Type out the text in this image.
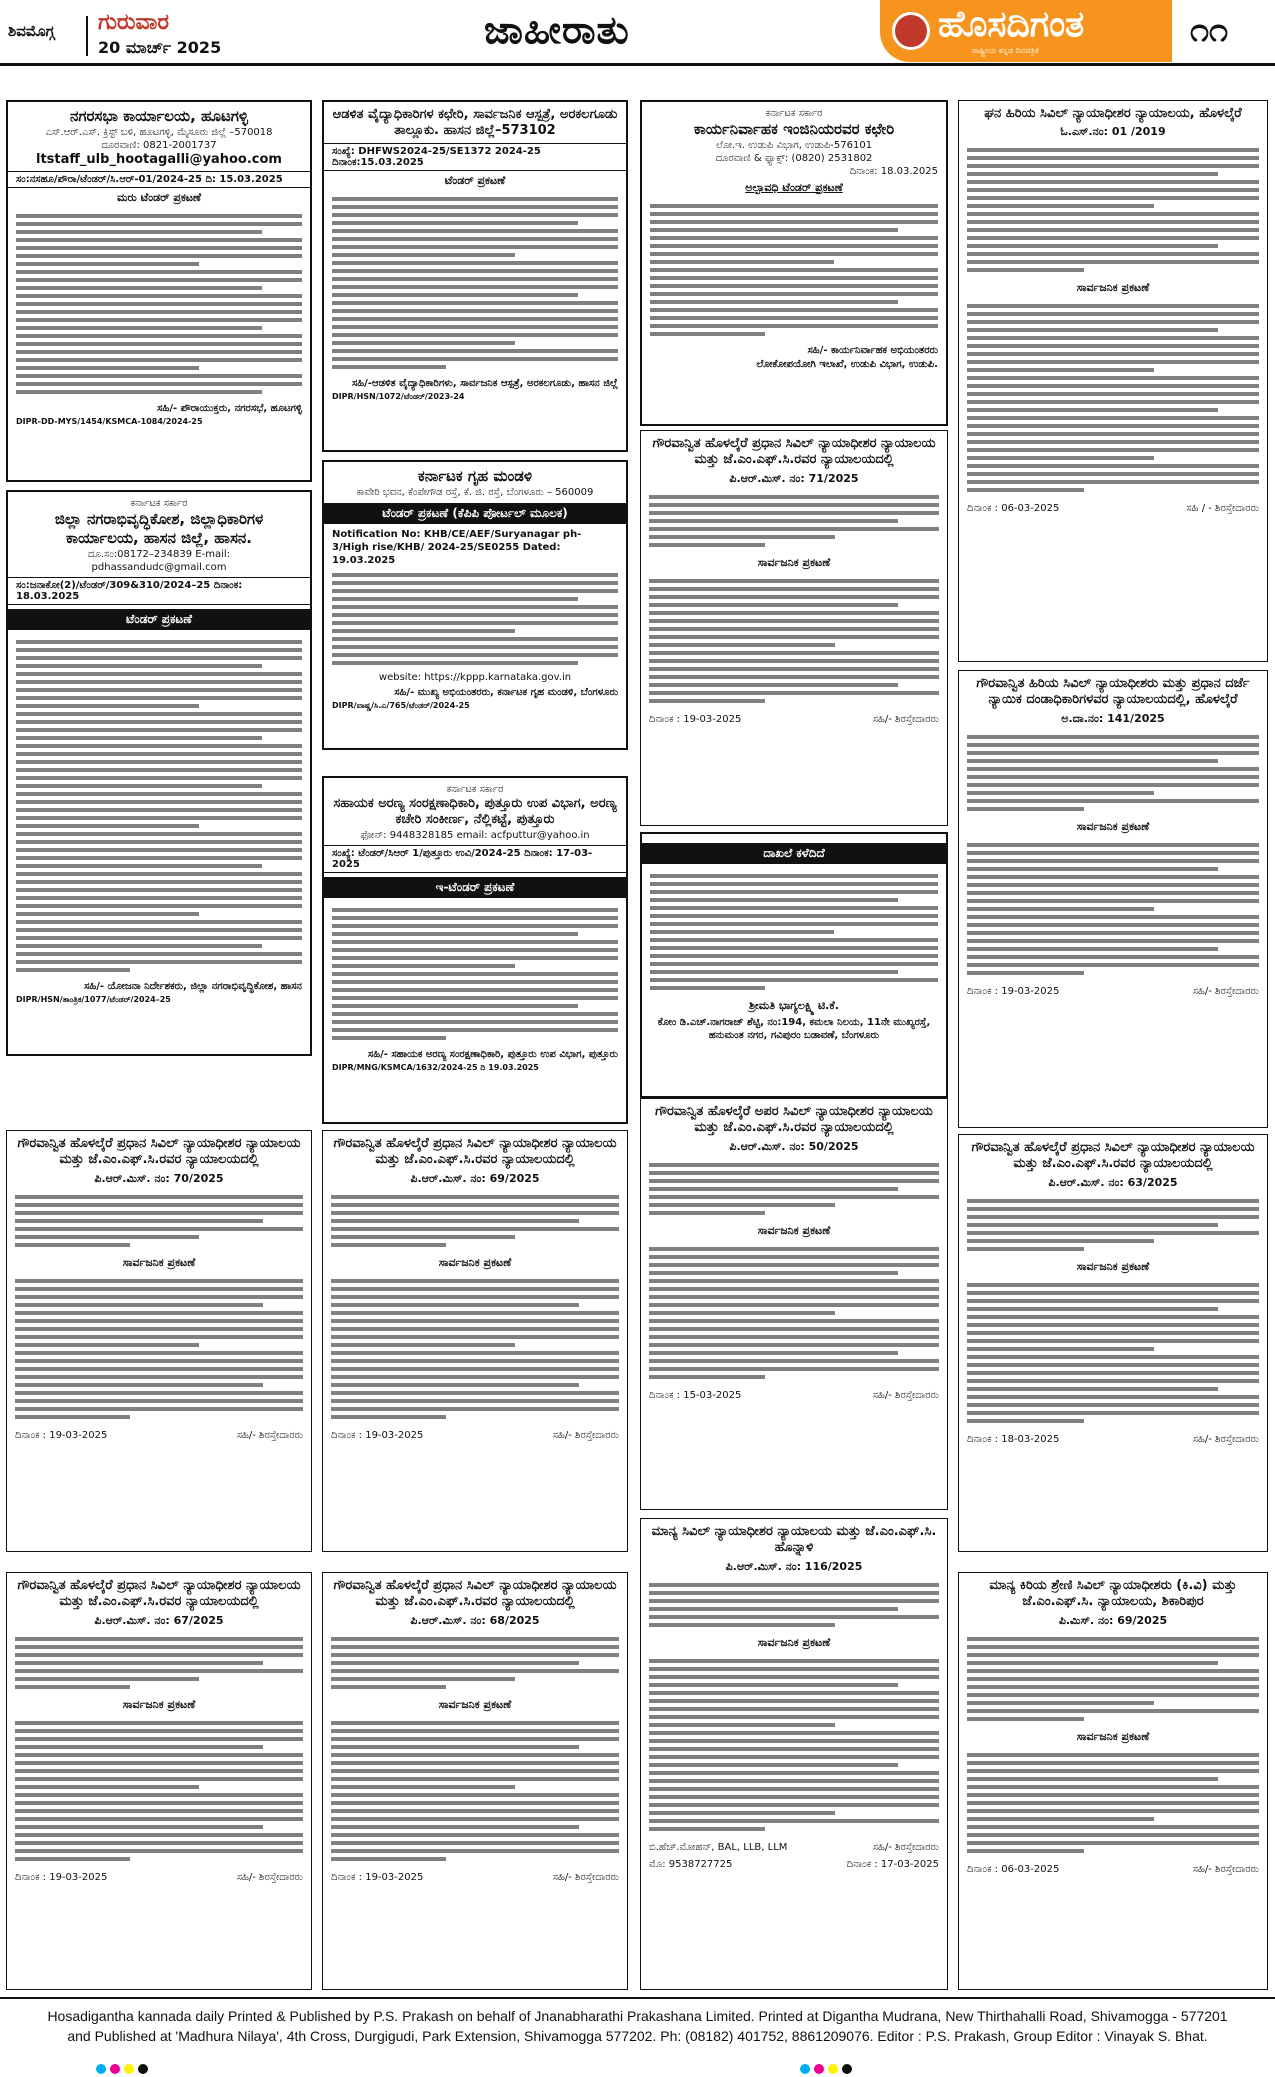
ಶಿವಮೊಗ್ಗ ಗುರುವಾರ
20 ಮಾರ್ಚ್ 2025	ಜಾಹೀರಾತು	ಹೊಸದಿಗಂತ
ರಾಷ್ಟ್ರೀಯ ಕನ್ನಡ ದಿನಪತ್ರಿಕೆ
೧೧
ನಗರಸಭಾ ಕಾರ್ಯಾಲಯ, ಹೂಟಗಳ್ಳಿ
ಎಸ್.ಆರ್.ಎಸ್. ಕ್ರಿಸ್ಟ್ ಬಳಿ, ಹೂಟಗಳ್ಳಿ, ಮೈಸೂರು ಜಿಲ್ಲೆ –570018
ದೂರವಾಣಿ: 0821-2001737
ltstaff_ulb_hootagalli@yahoo.com
ಸಂ:ನಸಹೂ/ಪೌರಾ/ಟೆಂಡರ್/ಸಿ.ಆರ್-01/2024-25 ದಿ: 15.03.2025
ಮರು ಟೆಂಡರ್ ಪ್ರಕಟಣೆ
ಸಹಿ/- ಪೌರಾಯುಕ್ತರು, ನಗರಸಭೆ, ಹೂಟಗಳ್ಳಿ
DIPR-DD-MYS/1454/KSMCA-1084/2024-25
ಕರ್ನಾಟಕ ಸರ್ಕಾರ
ಜಿಲ್ಲಾ ನಗರಾಭಿವೃದ್ಧಿಕೋಶ, ಜಿಲ್ಲಾಧಿಕಾರಿಗಳ ಕಾರ್ಯಾಲಯ, ಹಾಸನ ಜಿಲ್ಲೆ, ಹಾಸನ.
ದೂ.ಸಂ:08172–234839 E-mail:
pdhassandudc@gmail.com
ಸಂ:ಜನಾಕೋ(2)/ಟೆಂಡರ್/309&310/2024–25 ದಿನಾಂಕ: 18.03.2025
ಟೆಂಡರ್ ಪ್ರಕಟಣೆ
ಸಹಿ/- ಯೋಜನಾ ನಿರ್ದೇಶಕರು, ಜಿಲ್ಲಾ ನಗರಾಭಿವೃದ್ಧಿಕೋಶ, ಹಾಸನ
DIPR/HSN/ತಾಂತ್ರಿಕ/1077/ಟೆಂಡರ್/2024–25
ಗೌರವಾನ್ವಿತ ಹೊಳಲ್ಕೆರೆ ಪ್ರಧಾನ ಸಿವಿಲ್ ನ್ಯಾಯಾಧೀಶರ ನ್ಯಾಯಾಲಯ ಮತ್ತು ಜೆ.ಎಂ.ಎಫ್.ಸಿ.ರವರ ನ್ಯಾಯಾಲಯದಲ್ಲಿ
ಪಿ.ಆರ್.ಮಿಸ್. ನಂ: 70/2025
ಸಾರ್ವಜನಿಕ ಪ್ರಕಟಣೆ
ದಿನಾಂಕ : 19-03-2025	ಸಹಿ/- ಶಿರಸ್ತೇದಾರರು
ಗೌರವಾನ್ವಿತ ಹೊಳಲ್ಕೆರೆ ಪ್ರಧಾನ ಸಿವಿಲ್ ನ್ಯಾಯಾಧೀಶರ ನ್ಯಾಯಾಲಯ ಮತ್ತು ಜೆ.ಎಂ.ಎಫ್.ಸಿ.ರವರ ನ್ಯಾಯಾಲಯದಲ್ಲಿ
ಪಿ.ಆರ್.ಮಿಸ್. ನಂ: 67/2025
ಸಾರ್ವಜನಿಕ ಪ್ರಕಟಣೆ
ದಿನಾಂಕ : 19-03-2025	ಸಹಿ/- ಶಿರಸ್ತೇದಾರರು
ಆಡಳಿತ ವೈದ್ಯಾಧಿಕಾರಿಗಳ ಕಛೇರಿ, ಸಾರ್ವಜನಿಕ ಆಸ್ಪತ್ರೆ, ಅರಕಲಗೂಡು ತಾಲ್ಲೂಕು. ಹಾಸನ ಜಿಲ್ಲೆ–573102
ಸಂಖ್ಯೆ: DHFWS2024-25/SE1372 2024-25 ದಿನಾಂಕ:15.03.2025
ಟೆಂಡರ್ ಪ್ರಕಟಣೆ
ಸಹಿ/-ಆಡಳಿತ ವೈದ್ಯಾಧಿಕಾರಿಗಳು, ಸಾರ್ವಜನಿಕ ಆಸ್ಪತ್ರೆ, ಅರಕಲಗೂಡು, ಹಾಸನ ಜಿಲ್ಲೆ
DIPR/HSN/1072/ಟೆಂಡರ್/2023-24
ಕರ್ನಾಟಕ ಗೃಹ ಮಂಡಳಿ
ಕಾವೇರಿ ಭವನ, ಕೆಂಪೇಗೌಡ ರಸ್ತೆ, ಕೆ. ಜಿ. ರಸ್ತೆ, ಬೆಂಗಳೂರು – 560009
ಟೆಂಡರ್ ಪ್ರಕಟಣೆ (ಕೆಪಿಪಿ ಪೋರ್ಟಲ್ ಮೂಲಕ)
Notification No: KHB/CE/AEF/Suryanagar ph-3/High rise/KHB/ 2024-25/SE0255 Dated: 19.03.2025
website: https://kppp.karnataka.gov.in
ಸಹಿ/- ಮುಖ್ಯ ಅಭಿಯಂತರರು, ಕರ್ನಾಟಕ ಗೃಹ ಮಂಡಳಿ, ಬೆಂಗಳೂರು
DIPR/ವಾಷ್ಣ/ಸಿ.ಎ/765/ಟೆಂಡರ್/2024-25
ಕರ್ನಾಟಕ ಸರ್ಕಾರ
ಸಹಾಯಕ ಅರಣ್ಯ ಸಂರಕ್ಷಣಾಧಿಕಾರಿ, ಪುತ್ತೂರು ಉಪ ವಿಭಾಗ, ಅರಣ್ಯ ಕಚೇರಿ ಸಂಕೀರ್ಣ, ನೆಲ್ಲಿಕಟ್ಟೆ, ಪುತ್ತೂರು
ಫೋನ್: 9448328185 email: acfputtur@yahoo.in
ಸಂಖ್ಯೆ: ಟೆಂಡರ್/ಸಿಆರ್ 1/ಪುತ್ತೂರು ಉವಿ/2024-25 ದಿನಾಂಕ: 17-03-2025
ಇ-ಟೆಂಡರ್ ಪ್ರಕಟಣೆ
ಸಹಿ/- ಸಹಾಯಕ ಅರಣ್ಯ ಸಂರಕ್ಷಣಾಧಿಕಾರಿ, ಪುತ್ತೂರು ಉಪ ವಿಭಾಗ, ಪುತ್ತೂರು
DIPR/MNG/KSMCA/1632/2024-25 ದಿ 19.03.2025
ಗೌರವಾನ್ವಿತ ಹೊಳಲ್ಕೆರೆ ಪ್ರಧಾನ ಸಿವಿಲ್ ನ್ಯಾಯಾಧೀಶರ ನ್ಯಾಯಾಲಯ ಮತ್ತು ಜೆ.ಎಂ.ಎಫ್.ಸಿ.ರವರ ನ್ಯಾಯಾಲಯದಲ್ಲಿ
ಪಿ.ಆರ್.ಮಿಸ್. ನಂ: 69/2025
ಸಾರ್ವಜನಿಕ ಪ್ರಕಟಣೆ
ದಿನಾಂಕ : 19-03-2025	ಸಹಿ/- ಶಿರಸ್ತೇದಾರರು
ಗೌರವಾನ್ವಿತ ಹೊಳಲ್ಕೆರೆ ಪ್ರಧಾನ ಸಿವಿಲ್ ನ್ಯಾಯಾಧೀಶರ ನ್ಯಾಯಾಲಯ ಮತ್ತು ಜೆ.ಎಂ.ಎಫ್.ಸಿ.ರವರ ನ್ಯಾಯಾಲಯದಲ್ಲಿ
ಪಿ.ಆರ್.ಮಿಸ್. ನಂ: 68/2025
ಸಾರ್ವಜನಿಕ ಪ್ರಕಟಣೆ
ದಿನಾಂಕ : 19-03-2025	ಸಹಿ/- ಶಿರಸ್ತೇದಾರರು
ಕರ್ನಾಟಕ ಸರ್ಕಾರ
ಕಾರ್ಯನಿರ್ವಾಹಕ ಇಂಜಿನಿಯರವರ ಕಛೇರಿ
ಲೋ.ಇ. ಉಡುಪಿ ವಿಭಾಗ, ಉಡುಪಿ-576101
ದೂರವಾಣಿ & ಫ್ಯಾಕ್ಸ್: (0820) 2531802
ದಿನಾಂಕ: 18.03.2025
ಅಲ್ಪಾವಧಿ ಟೆಂಡರ್ ಪ್ರಕಟಣೆ
ಸಹಿ/- ಕಾರ್ಯನಿರ್ವಾಹಕ ಅಭಿಯಂತರರು
ಲೋಕೋಪಯೋಗಿ ಇಲಾಖೆ, ಉಡುಪಿ ವಿಭಾಗ, ಉಡುಪಿ.
ಗೌರವಾನ್ವಿತ ಹೊಳಲ್ಕೆರೆ ಪ್ರಧಾನ ಸಿವಿಲ್ ನ್ಯಾಯಾಧೀಶರ ನ್ಯಾಯಾಲಯ ಮತ್ತು ಜೆ.ಎಂ.ಎಫ್.ಸಿ.ರವರ ನ್ಯಾಯಾಲಯದಲ್ಲಿ
ಪಿ.ಆರ್.ಮಿಸ್. ನಂ: 71/2025
ಸಾರ್ವಜನಿಕ ಪ್ರಕಟಣೆ
ದಿನಾಂಕ : 19-03-2025	ಸಹಿ/- ಶಿರಸ್ತೇದಾರರು
ದಾಖಲೆ ಕಳೆದಿದೆ
ಶ್ರೀಮತಿ ಭಾಗ್ಯಲಕ್ಷ್ಮಿ ಟಿ.ಕೆ.
ಕೋಂ ಡಿ.ಎಚ್.ನಾಗರಾಜ್ ಶೆಟ್ಟಿ, ನಂ:194, ಕಮಲಾ ನಿಲಯ, 11ನೇ ಮುಖ್ಯರಸ್ತೆ, ಹನುಮಂತ ನಗರ, ಗವಿಪುರಂ ಬಡಾವಣೆ, ಬೆಂಗಳೂರು
ಗೌರವಾನ್ವಿತ ಹೊಳಲ್ಕೆರೆ ಅಪರ ಸಿವಿಲ್ ನ್ಯಾಯಾಧೀಶರ ನ್ಯಾಯಾಲಯ ಮತ್ತು ಜೆ.ಎಂ.ಎಫ್.ಸಿ.ರವರ ನ್ಯಾಯಾಲಯದಲ್ಲಿ
ಪಿ.ಆರ್.ಮಿಸ್. ನಂ: 50/2025
ಸಾರ್ವಜನಿಕ ಪ್ರಕಟಣೆ
ದಿನಾಂಕ : 15-03-2025	ಸಹಿ/- ಶಿರಸ್ತೇದಾರರು
ಮಾನ್ಯ ಸಿವಿಲ್ ನ್ಯಾಯಾಧೀಶರ ನ್ಯಾಯಾಲಯ ಮತ್ತು ಜೆ.ಎಂ.ಎಫ್.ಸಿ. ಹೊನ್ನಾಳಿ
ಪಿ.ಆರ್.ಮಿಸ್. ನಂ: 116/2025
ಸಾರ್ವಜನಿಕ ಪ್ರಕಟಣೆ
ಬಿ.ಹೆಚ್.ಮೋಹನ್, BAL, LLB, LLM	ಸಹಿ/- ಶಿರಸ್ತೇದಾರರು
ಮೊ: 9538727725	ದಿನಾಂಕ : 17-03-2025
ಘನ ಹಿರಿಯ ಸಿವಿಲ್ ನ್ಯಾಯಾಧೀಶರ ನ್ಯಾಯಾಲಯ, ಹೊಳಲ್ಕೆರೆ
ಓ.ಎಸ್.ನಂ: 01 /2019
ಸಾರ್ವಜನಿಕ ಪ್ರಕಟಣೆ
ದಿನಾಂಕ : 06-03-2025	ಸಹಿ / - ಶಿರಸ್ತೇದಾರರು
ಗೌರವಾನ್ವಿತ ಹಿರಿಯ ಸಿವಿಲ್ ನ್ಯಾಯಾಧೀಶರು ಮತ್ತು ಪ್ರಧಾನ ದರ್ಜೆ ನ್ಯಾಯಿಕ ದಂಡಾಧಿಕಾರಿಗಳವರ ನ್ಯಾಯಾಲಯದಲ್ಲಿ, ಹೊಳಲ್ಕೆರೆ
ಅ.ದಾ.ನಂ: 141/2025
ಸಾರ್ವಜನಿಕ ಪ್ರಕಟಣೆ
ದಿನಾಂಕ : 19-03-2025	ಸಹಿ/- ಶಿರಸ್ತೇದಾರರು
ಗೌರವಾನ್ವಿತ ಹೊಳಲ್ಕೆರೆ ಪ್ರಧಾನ ಸಿವಿಲ್ ನ್ಯಾಯಾಧೀಶರ ನ್ಯಾಯಾಲಯ ಮತ್ತು ಜೆ.ಎಂ.ಎಫ್.ಸಿ.ರವರ ನ್ಯಾಯಾಲಯದಲ್ಲಿ
ಪಿ.ಆರ್.ಮಿಸ್. ನಂ: 63/2025
ಸಾರ್ವಜನಿಕ ಪ್ರಕಟಣೆ
ದಿನಾಂಕ : 18-03-2025	ಸಹಿ/- ಶಿರಸ್ತೇದಾರರು
ಮಾನ್ಯ ಕಿರಿಯ ಶ್ರೇಣಿ ಸಿವಿಲ್ ನ್ಯಾಯಾಧೀಶರು (ಕಿ.ವಿ) ಮತ್ತು ಜೆ.ಎಂ.ಎಫ್.ಸಿ. ನ್ಯಾಯಾಲಯ, ಶಿಕಾರಿಪುರ
ಪಿ.ಮಿಸ್. ನಂ: 69/2025
ಸಾರ್ವಜನಿಕ ಪ್ರಕಟಣೆ
ದಿನಾಂಕ : 06-03-2025	ಸಹಿ/- ಶಿರಸ್ತೇದಾರರು
Hosadigantha kannada daily Printed & Published by P.S. Prakash on behalf of Jnanabharathi Prakashana Limited. Printed at Digantha Mudrana, New Thirthahalli Road, Shivamogga - 577201
and Published at 'Madhura Nilaya', 4th Cross, Durgigudi, Park Extension, Shivamogga 577202. Ph: (08182) 401752, 8861209076. Editor : P.S. Prakash, Group Editor : Vinayak S. Bhat.
